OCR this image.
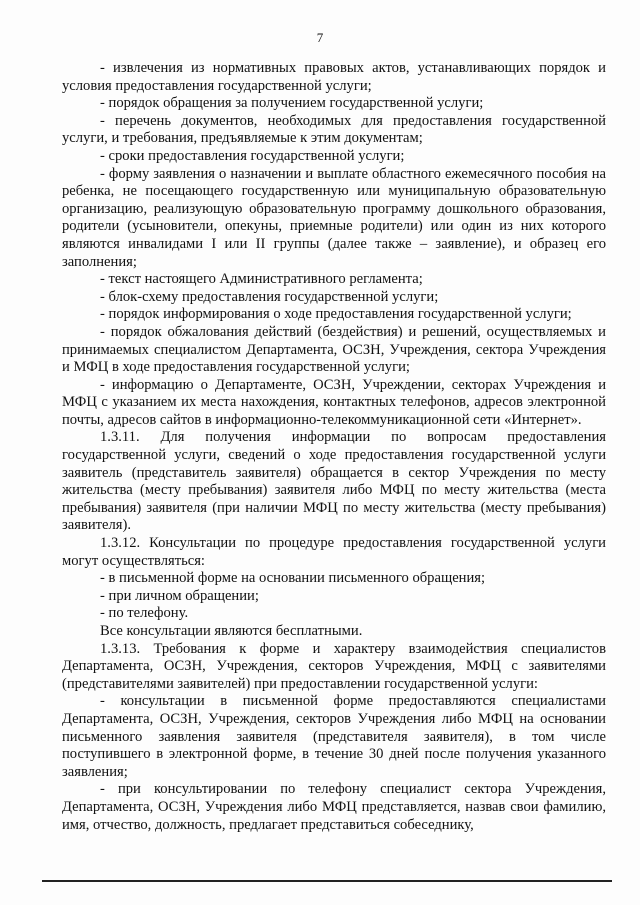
7

- извлечения из нормативных правовых актов, устанавливающих порядок и условия предоставления государственной услуги;

- порядок обращения за получением государственной услуги;

- перечень документов, необходимых для предоставления государственной услуги, и требования, предъявляемые к этим документам;

- сроки предоставления государственной услуги;

- форму заявления о назначении и выплате областного ежемесячного пособия на ребенка, не посещающего государственную или муниципальную образовательную организацию, реализующую образовательную программу дошкольного образования, родители (усыновители, опекуны, приемные родители) или один из них которого являются инвалидами I или II группы (далее также – заявление), и образец его заполнения;

- текст настоящего Административного регламента;

- блок-схему предоставления государственной услуги;

- порядок информирования о ходе предоставления государственной услуги;

- порядок обжалования действий (бездействия) и решений, осуществляемых и принимаемых специалистом Департамента, ОСЗН, Учреждения, сектора Учреждения и МФЦ в ходе предоставления государственной услуги;

- информацию о Департаменте, ОСЗН, Учреждении, секторах Учреждения и МФЦ с указанием их места нахождения, контактных телефонов, адресов электронной почты, адресов сайтов в информационно-телекоммуникационной сети «Интернет».

1.3.11. Для получения информации по вопросам предоставления государственной услуги, сведений о ходе предоставления государственной услуги заявитель (представитель заявителя) обращается в сектор Учреждения по месту жительства (месту пребывания) заявителя либо МФЦ по месту жительства (места пребывания) заявителя (при наличии МФЦ по месту жительства (месту пребывания) заявителя).

1.3.12. Консультации по процедуре предоставления государственной услуги могут осуществляться:

- в письменной форме на основании письменного обращения;

- при личном обращении;

- по телефону.

Все консультации являются бесплатными.

1.3.13. Требования к форме и характеру взаимодействия специалистов Департамента, ОСЗН, Учреждения, секторов Учреждения, МФЦ с заявителями (представителями заявителей) при предоставлении государственной услуги:

- консультации в письменной форме предоставляются специалистами Департамента, ОСЗН, Учреждения, секторов Учреждения либо МФЦ на основании письменного заявления заявителя (представителя заявителя), в том числе поступившего в электронной форме, в течение 30 дней после получения указанного заявления;

- при консультировании по телефону специалист сектора Учреждения, Департамента, ОСЗН, Учреждения либо МФЦ представляется, назвав свои фамилию, имя, отчество, должность, предлагает представиться собеседнику,
